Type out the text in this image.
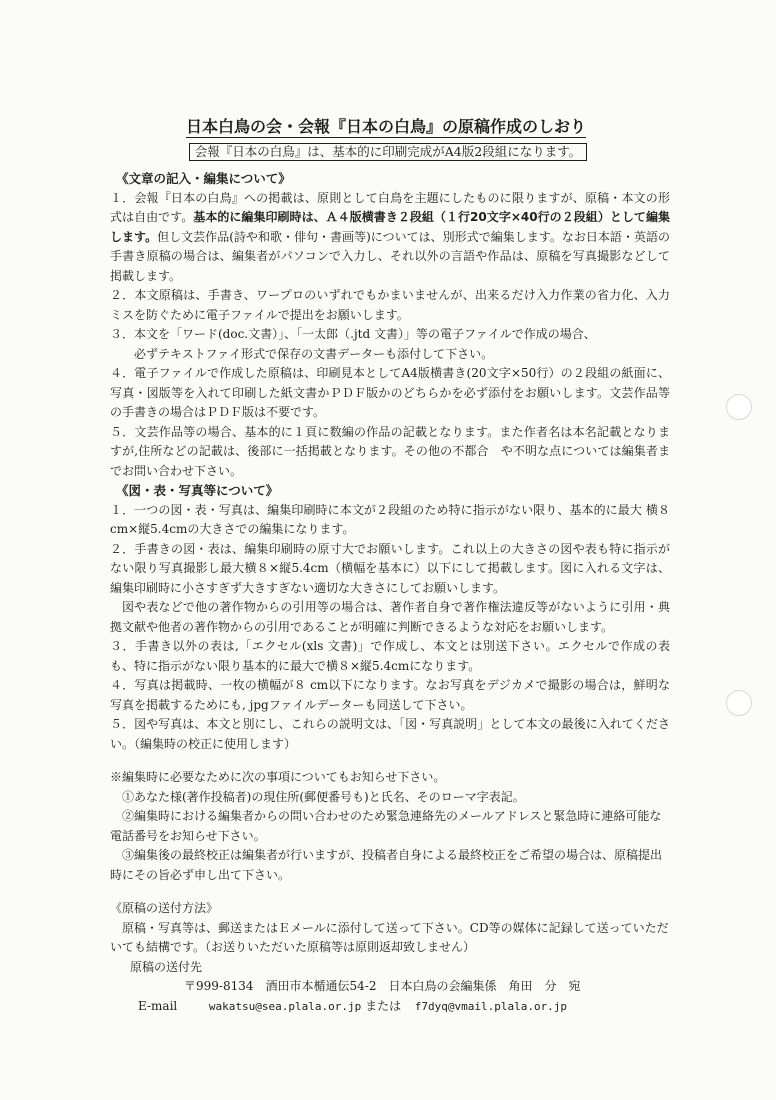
日本白鳥の会・会報『日本の白鳥』の原稿作成のしおり
会報『日本の白鳥』は、基本的に印刷完成がA4版2段組になります。
《文章の記入・編集について》
１．会報『日本の白鳥』への掲載は、原則として白鳥を主題にしたものに限りますが、原稿・本文の形式は自由です。基本的に編集印刷時は、Ａ４版横書き２段組（１行20文字×40行の２段組）として編集します。但し文芸作品(詩や和歌・俳句・書画等)については、別形式で編集します。なお日本語・英語の手書き原稿の場合は、編集者がパソコンで入力し、それ以外の言語や作品は、原稿を写真撮影などして掲載します。
２．本文原稿は、手書き、ワープロのいずれでもかまいませんが、出来るだけ入力作業の省力化、入力ミスを防ぐために電子ファイルで提出をお願いします。
３．本文を「ワード(doc.文書）」、「一太郎（.jtd 文書）」等の電子ファイルで作成の場合、
必ずテキストファイ形式で保存の文書データーも添付して下さい。
４．電子ファイルで作成した原稿は、印刷見本としてA4版横書き(20文字×50行）の２段組の紙面に、写真・図版等を入れて印刷した紙文書かＰＤＦ版かのどちらかを必ず添付をお願いします。文芸作品等の手書きの場合はＰＤＦ版は不要です。
５．文芸作品等の場合、基本的に１頁に数編の作品の記載となります。また作者名は本名記載となりますが,住所などの記載は、後部に一括掲載となります。その他の不都合　や不明な点については編集者までお問い合わせ下さい。
《図・表・写真等について》
１．一つの図・表・写真は、編集印刷時に本文が２段組のため特に指示がない限り、基本的に最大 横８cm×縦5.4cmの大きさでの編集になります。
２．手書きの図・表は、編集印刷時の原寸大でお願いします。これ以上の大きさの図や表も特に指示がない限り写真撮影し最大横８×縦5.4cm（横幅を基本に）以下にして掲載します。図に入れる文字は、編集印刷時に小さすぎず大きすぎない適切な大きさにしてお願いします。
図や表などで他の著作物からの引用等の場合は、著作者自身で著作権法違反等がないように引用・典拠文献や他者の著作物からの引用であることが明確に判断できるような対応をお願いします。
３．手書き以外の表は,「エクセル(xls 文書)」で作成し、本文とは別送下さい。エクセルで作成の表も、特に指示がない限り基本的に最大で横８×縦5.4cmになります。
４．写真は掲載時、一枚の横幅が８ cm以下になります。なお写真をデジカメで撮影の場合は，鮮明な写真を掲載するためにも, jpgファイルデーターも同送して下さい。
５．図や写真は、本文と別にし、これらの説明文は、「図・写真説明」として本文の最後に入れてください。（編集時の校正に使用します）
※編集時に必要なために次の事項についてもお知らせ下さい。
①あなた様(著作投稿者)の現住所(郵便番号も)と氏名、そのローマ字表記。
②編集時における編集者からの問い合わせのため緊急連絡先のメールアドレスと緊急時に連絡可能な電話番号をお知らせ下さい。
③編集後の最終校正は編集者が行いますが、投稿者自身による最終校正をご希望の場合は、原稿提出時にその旨必ず申し出て下さい。
《原稿の送付方法》
原稿・写真等は、郵送またはＥメールに添付して送って下さい。CD等の媒体に記録して送っていただいても結構です。（お送りいただいた原稿等は原則返却致しません）
原稿の送付先
〒999-8134　酒田市本楯通伝54-2　日本白鳥の会編集係　角田　分　宛
E-mail	wakatsu@sea.plala.or.jp または f7dyq@vmail.plala.or.jp
